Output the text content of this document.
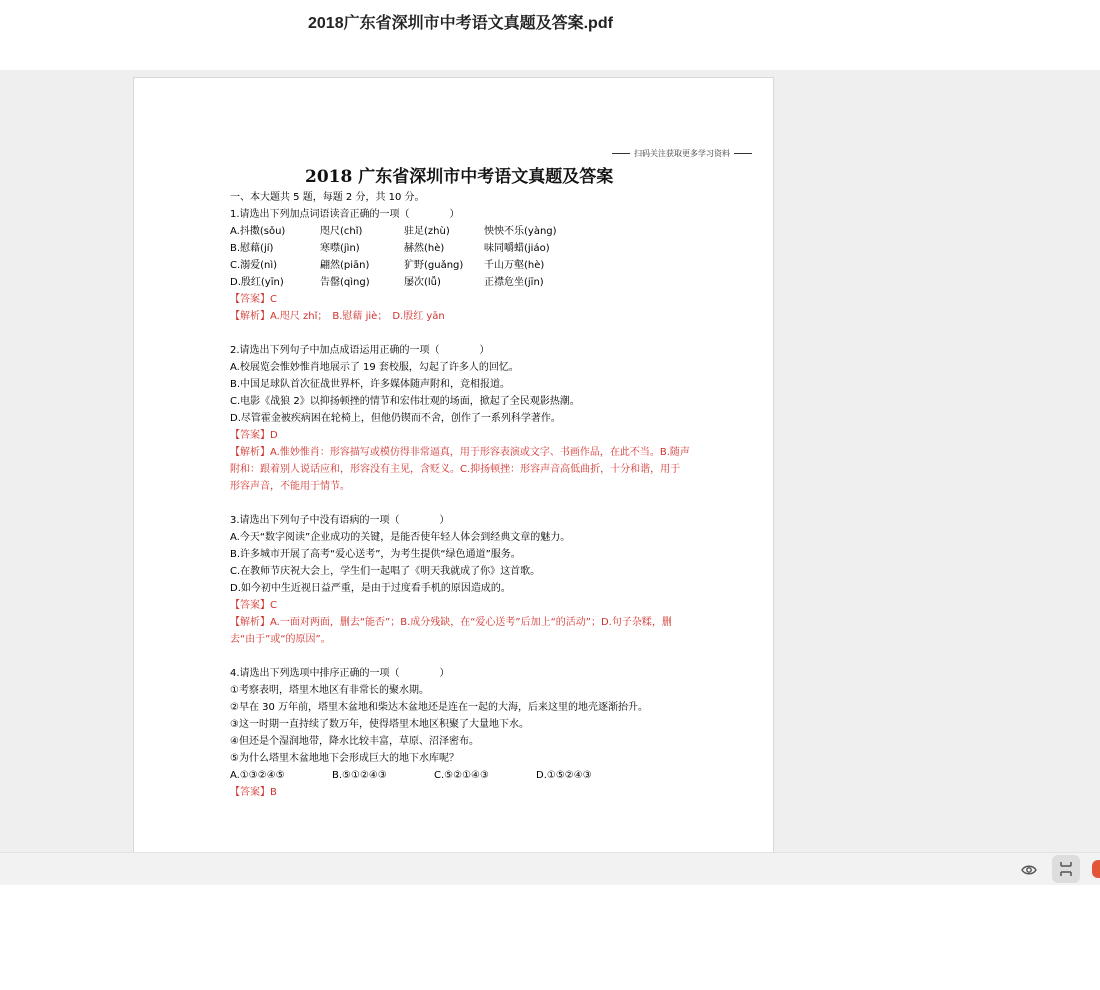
2018广东省深圳市中考语文真题及答案.pdf
扫码关注获取更多学习资料
2018 广东省深圳市中考语文真题及答案
一、本大题共 5 题，每题 2 分，共 10 分。
1.请选出下列加点词语读音正确的一项（　　　　）
A.抖擞(sǒu)	咫尺(chǐ)	驻足(zhù)	怏怏不乐(yàng)
B.慰藉(jí)	寒噤(jìn)	赫然(hè)	味同嚼蜡(jiáo)
C.溺爱(nì)	翩然(piān)	犷野(guǎng) 千山万壑(hè)
D.殷红(yīn)	告罄(qìng)	屡次(lǚ)	正襟危坐(jīn)
【答案】C
【解析】A.咫尺 zhǐ；　B.慰藉 jiè；　D.殷红 yān
2.请选出下列句子中加点成语运用正确的一项（　　　　）
A.校展览会惟妙惟肖地展示了 19 套校服，勾起了许多人的回忆。
B.中国足球队首次征战世界杯，许多媒体随声附和，竞相报道。
C.电影《战狼 2》以抑扬顿挫的情节和宏伟壮观的场面，掀起了全民观影热潮。
D.尽管霍金被疾病困在轮椅上，但他仍锲而不舍，创作了一系列科学著作。
【答案】D
【解析】A.惟妙惟肖：形容描写或模仿得非常逼真，用于形容表演或文字、书画作品，在此不当。B.随声附和：跟着别人说话应和，形容没有主见，含贬义。C.抑扬顿挫：形容声音高低曲折，十分和谐，用于形容声音，不能用于情节。
3.请选出下列句子中没有语病的一项（　　　　）
A.今天“数字阅读”企业成功的关键，是能否使年轻人体会到经典文章的魅力。
B.许多城市开展了高考“爱心送考”，为考生提供“绿色通道”服务。
C.在教师节庆祝大会上，学生们一起唱了《明天我就成了你》这首歌。
D.如今初中生近视日益严重，是由于过度看手机的原因造成的。
【答案】C
【解析】A.一面对两面，删去“能否”；B.成分残缺，在“爱心送考”后加上“的活动”；D.句子杂糅，删去“由于”或“的原因”。
4.请选出下列选项中排序正确的一项（　　　　）
①考察表明，塔里木地区有非常长的聚水期。
②早在 30 万年前，塔里木盆地和柴达木盆地还是连在一起的大海，后来这里的地壳逐渐抬升。
③这一时期一直持续了数万年，使得塔里木地区积聚了大量地下水。
④但还是个湿润地带，降水比较丰富，草原、沼泽密布。
⑤为什么塔里木盆地地下会形成巨大的地下水库呢？
A.①③②④⑤	B.⑤①②④③	C.⑤②①④③	D.①⑤②④③
【答案】B
